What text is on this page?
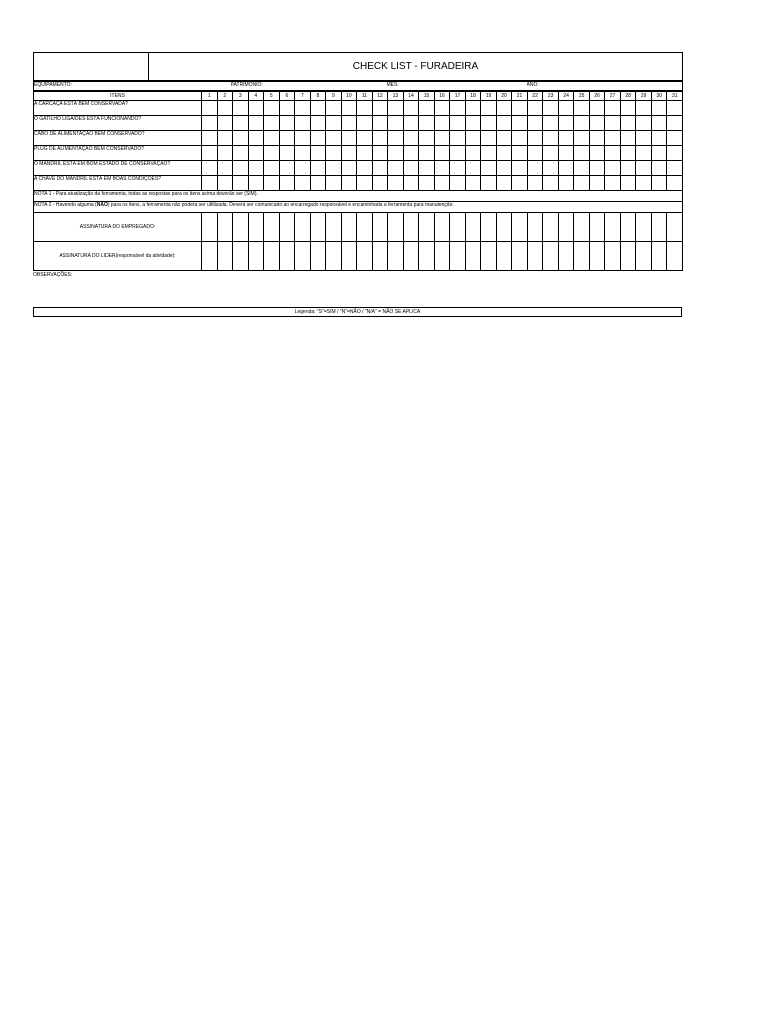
	CHECK LIST - FURADEIRA
EQUIPAMENTO:	PATRIMONIO:	MÊS:	ANO:
ITENS	1	2	3	4	5	6	7	8	9	10	11	12	13	14	15	16	17	18	19	20	21	22	23	24	25	26	27	28	29	30	31
A CARCAÇA ESTÁ BEM CONSERVADA?																															
O GATILHO LIGA/DES ESTÁ FUNCIONANDO?																															
CABO DE ALIMENTAÇÃO BEM CONSERVADO?																															
PLUG DE ALIMENTAÇÃO BEM CONSERVADO?																															
O MANDRIL ESTÁ EM BOM ESTADO DE CONSERVAÇÃO?																															
A CHAVE DO MANDRIL ESTÁ EM BOAS CONDIÇÕES?																															
NOTA 1 - Para atualização da ferramenta, todas as respostas para os itens acima deverão ser (SIM).																															
NOTA 2 - Havendo alguma (NÃO) para os itens, a ferramenta não podera ser ultilizada. Deverá ser comunicado ao encarregado responsável e encaminhada a ferramenta para manutenção.																															
ASSINATURA DO EMPREGADO:																															
ASSINATURA DO LIDER(responsável da atividade):																															
OBSERVAÇÕES:
Legenda: "S"=SIM / "N"=NÃO / "N/A" = NÃO SE APLICA
